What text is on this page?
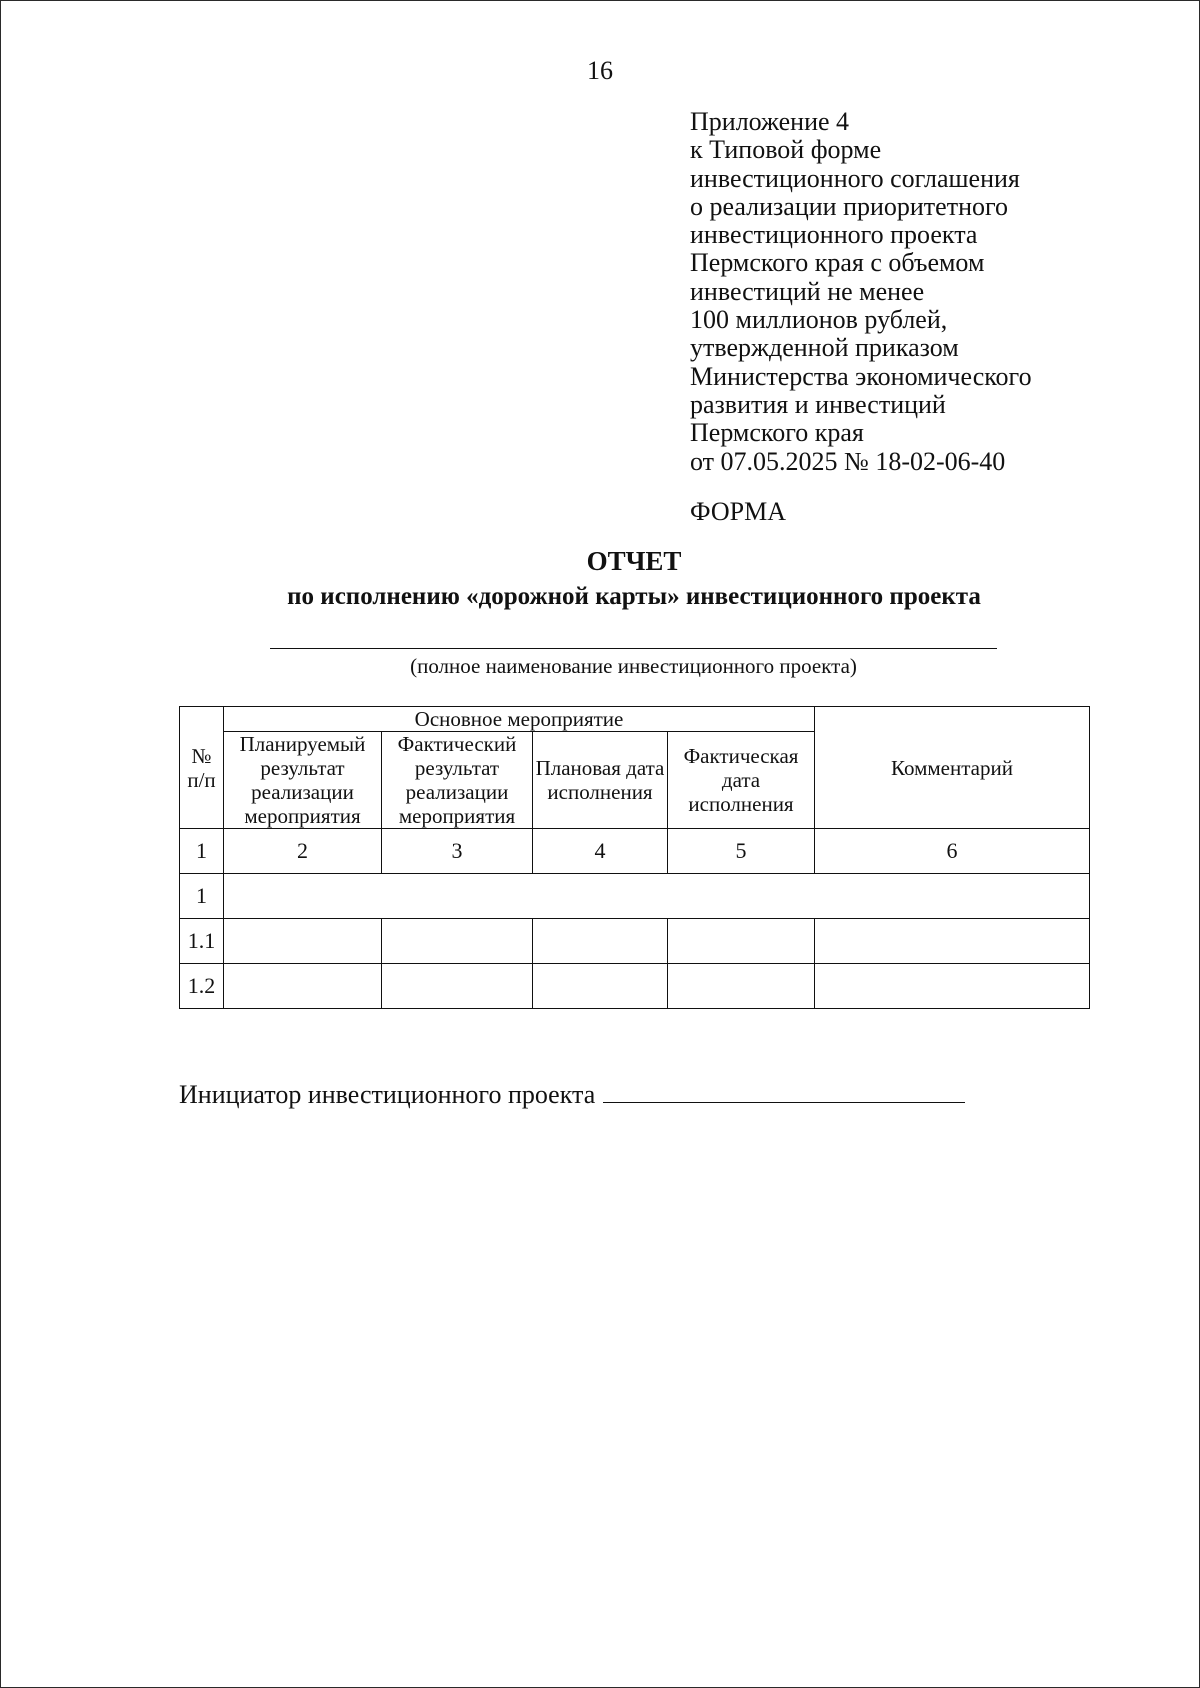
16
Приложение 4
к Типовой форме
инвестиционного соглашения
о реализации приоритетного
инвестиционного проекта
Пермского края с объемом
инвестиций не менее
100 миллионов рублей,
утвержденной приказом
Министерства экономического
развития и инвестиций
Пермского края
от 07.05.2025 № 18-02-06-40
ФОРМА
ОТЧЕТ
по исполнению «дорожной карты» инвестиционного проекта
(полное наименование инвестиционного проекта)
№ п/п	Основное мероприятие				Комментарий
	Планируемый результат реализации мероприятия	Фактический результат реализации мероприятия	Плановая дата исполнения	Фактическая дата исполнения	
1	2	3	4	5	6
1					
1.1					
1.2					
Инициатор инвестиционного проекта
